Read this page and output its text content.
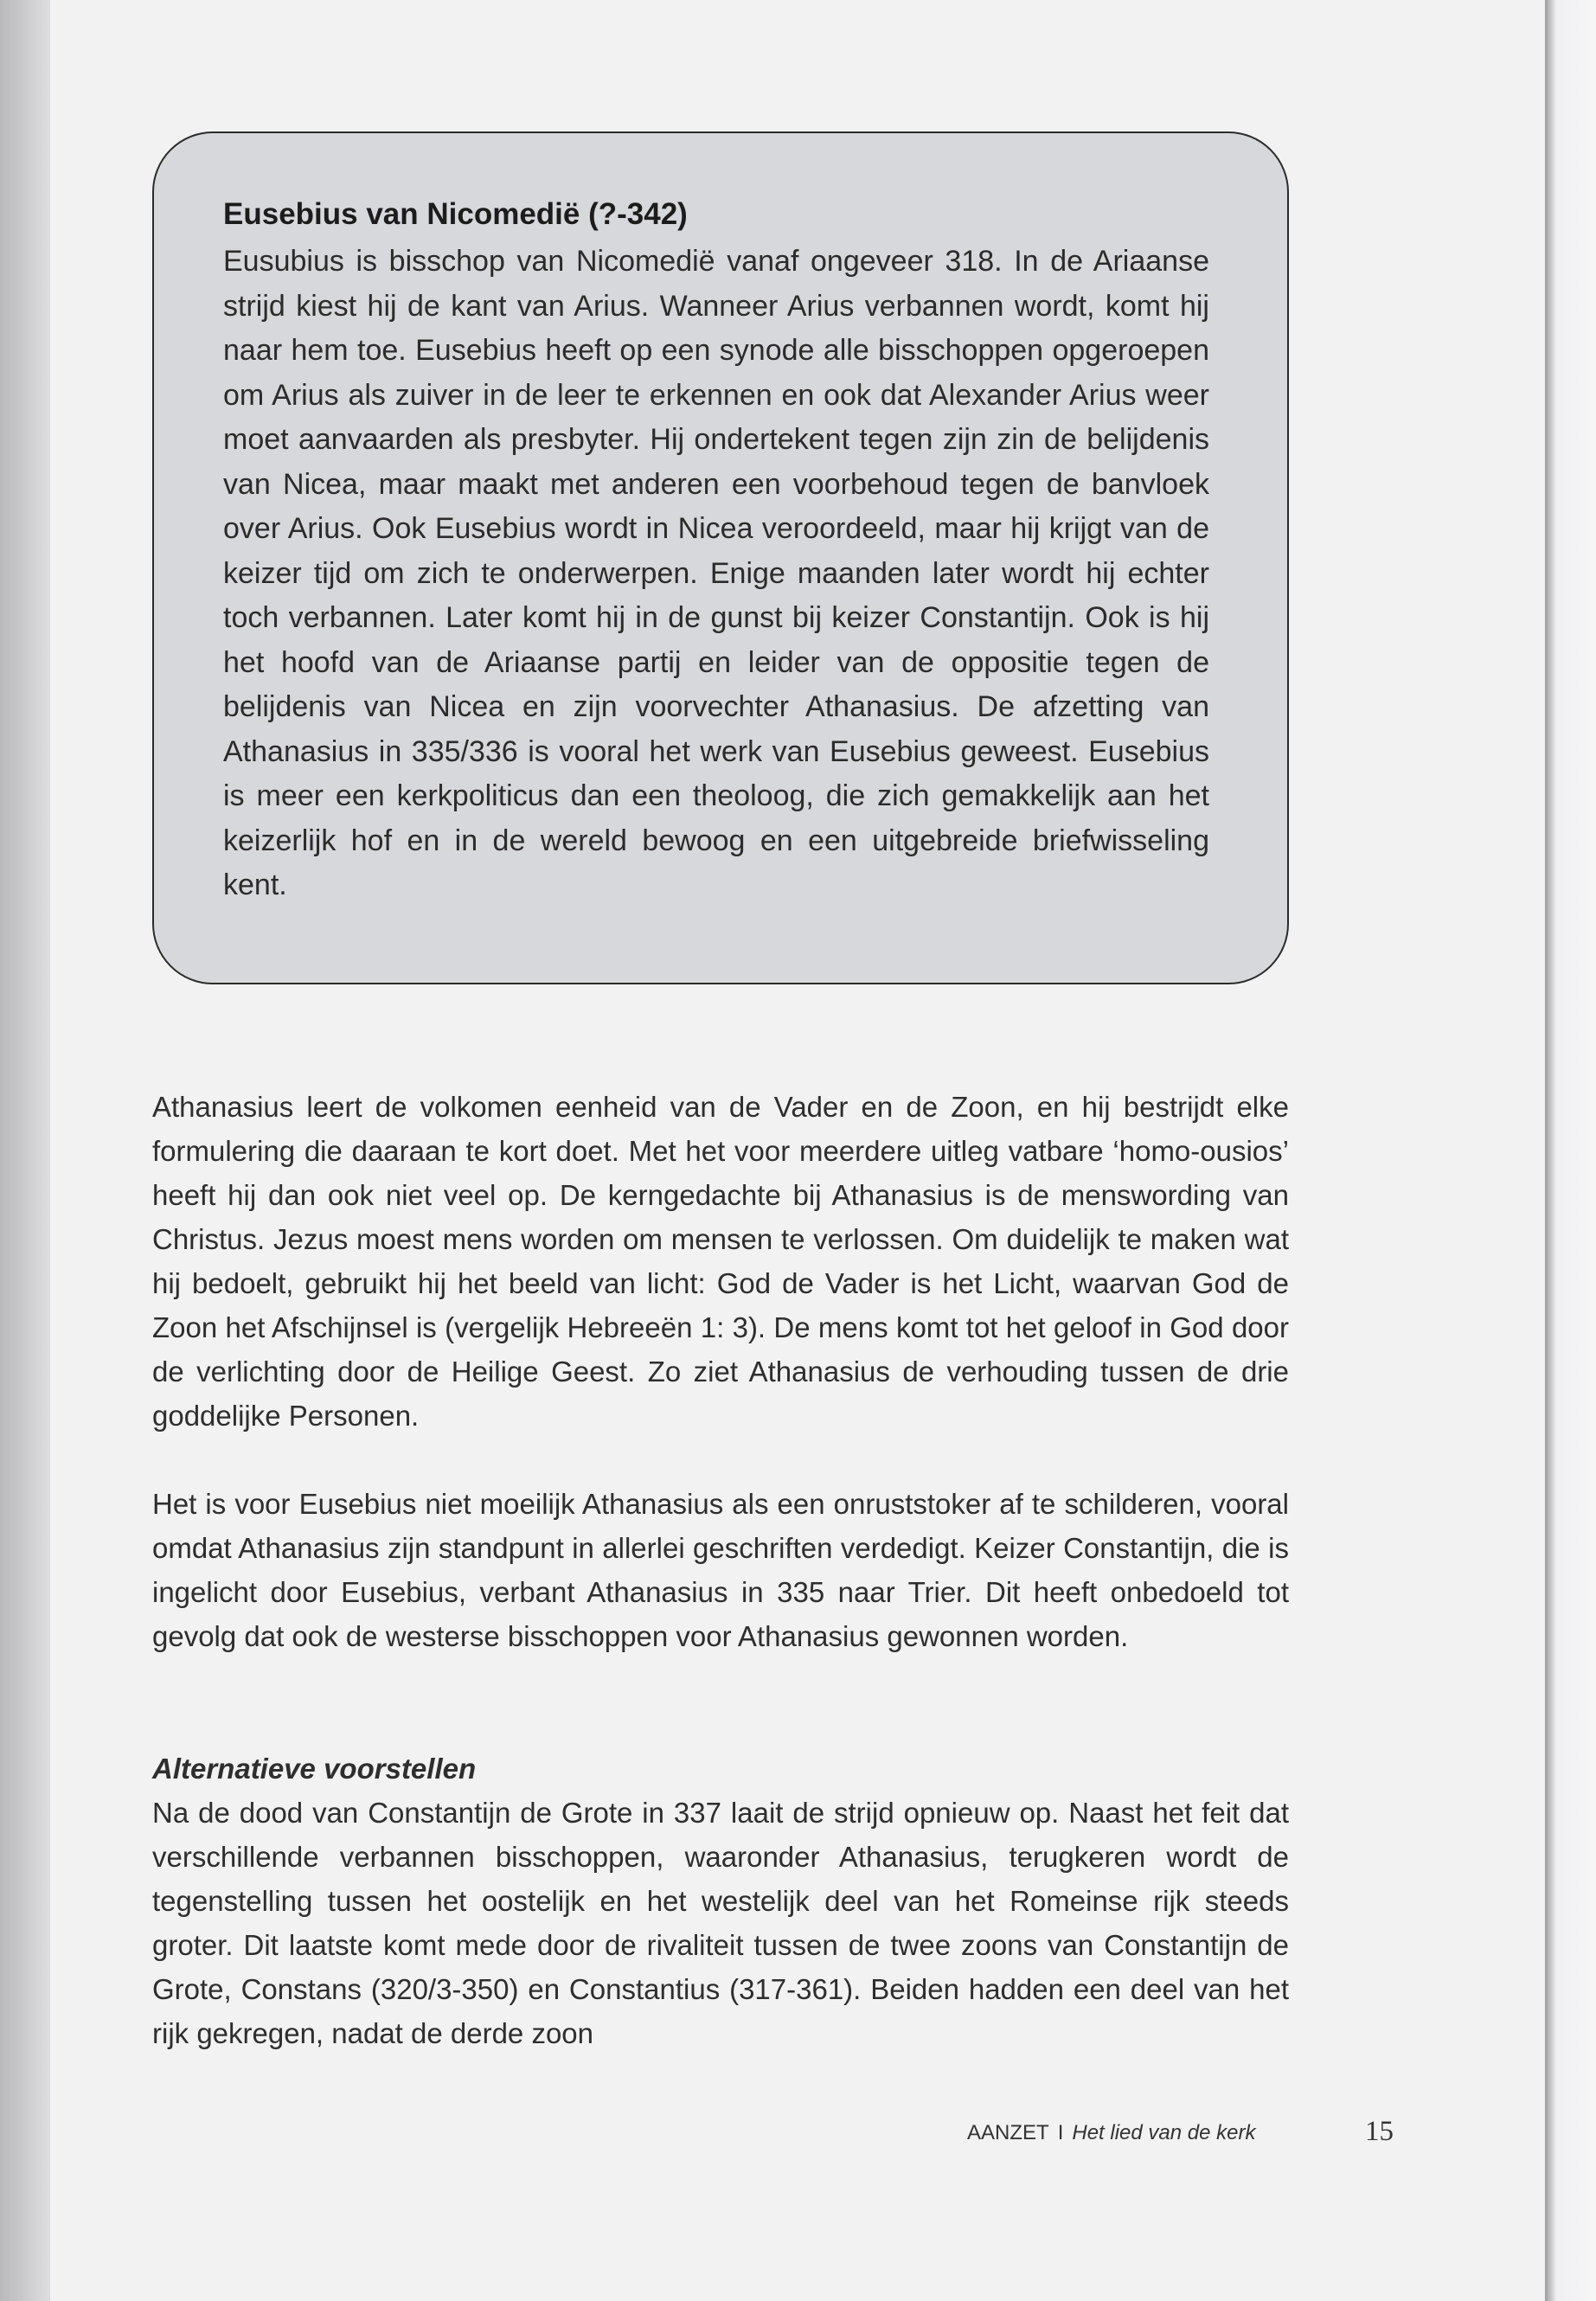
Eusebius van Nicomedië (?-342)

Eusubius is bisschop van Nicomedië vanaf ongeveer 318. In de Ariaanse strijd kiest hij de kant van Arius. Wanneer Arius verbannen wordt, komt hij naar hem toe. Eusebius heeft op een synode alle bisschoppen opgeroepen om Arius als zuiver in de leer te erkennen en ook dat Alexander Arius weer moet aanvaarden als presbyter. Hij ondertekent tegen zijn zin de belijdenis van Nicea, maar maakt met anderen een voorbehoud tegen de banvloek over Arius. Ook Eusebius wordt in Nicea veroordeeld, maar hij krijgt van de keizer tijd om zich te onderwerpen. Enige maanden later wordt hij echter toch verbannen. Later komt hij in de gunst bij keizer Constantijn. Ook is hij het hoofd van de Ariaanse partij en leider van de oppositie tegen de belijdenis van Nicea en zijn voorvechter Athanasius. De afzetting van Athanasius in 335/336 is vooral het werk van Eusebius geweest. Eusebius is meer een kerkpoliticus dan een theoloog, die zich gemakkelijk aan het keizerlijk hof en in de wereld bewoog en een uitgebreide briefwisseling kent.

Athanasius leert de volkomen eenheid van de Vader en de Zoon, en hij bestrijdt elke formulering die daaraan te kort doet. Met het voor meerdere uitleg vatbare ‘homo-ousios’ heeft hij dan ook niet veel op. De kerngedachte bij Athanasius is de menswording van Christus. Jezus moest mens worden om mensen te verlossen. Om duidelijk te maken wat hij bedoelt, gebruikt hij het beeld van licht: God de Vader is het Licht, waarvan God de Zoon het Afschijnsel is (vergelijk Hebreeën 1: 3). De mens komt tot het geloof in God door de verlichting door de Heilige Geest. Zo ziet Athanasius de verhouding tussen de drie goddelijke Personen.

Het is voor Eusebius niet moeilijk Athanasius als een onruststoker af te schilderen, vooral omdat Athanasius zijn standpunt in allerlei geschriften verdedigt. Keizer Constantijn, die is ingelicht door Eusebius, verbant Athanasius in 335 naar Trier. Dit heeft onbedoeld tot gevolg dat ook de westerse bisschoppen voor Athanasius gewonnen worden.

Alternatieve voorstellen

Na de dood van Constantijn de Grote in 337 laait de strijd opnieuw op. Naast het feit dat verschillende verbannen bisschoppen, waaronder Athanasius, terugkeren wordt de tegenstelling tussen het oostelijk en het westelijk deel van het Romeinse rijk steeds groter. Dit laatste komt mede door de rivaliteit tussen de twee zoons van Constantijn de Grote, Constans (320/3-350) en Constantius (317-361). Beiden hadden een deel van het rijk gekregen, nadat de derde zoon

AANZET I Het lied van de kerk	15
